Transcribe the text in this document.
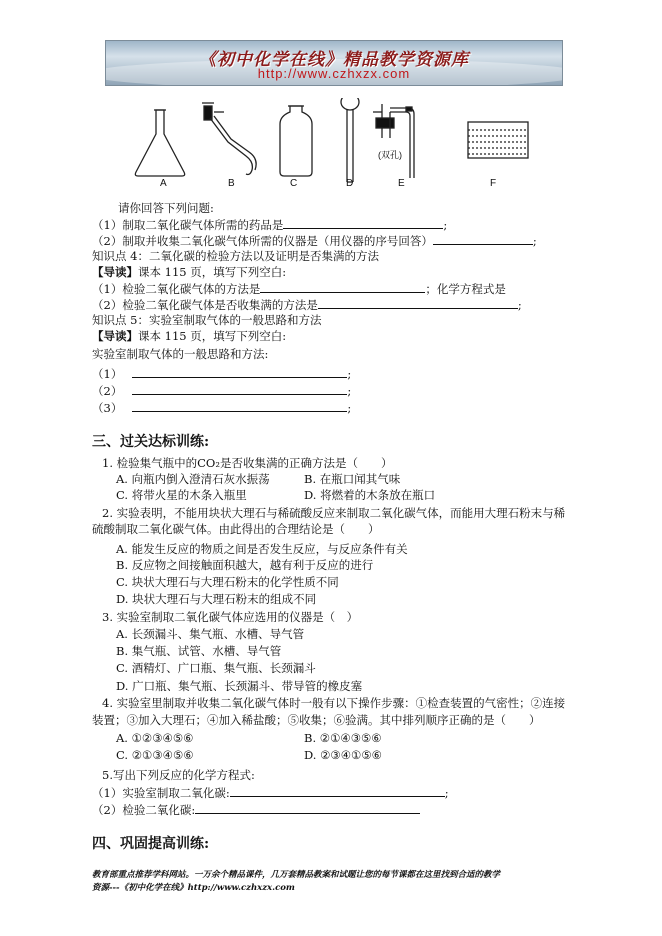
《初中化学在线》精品教学资源库
http://www.czhxzx.com
(双孔)
A	B	C	D	E	F
请你回答下列问题:
（1）制取二氧化碳气体所需的药品是	;
（2）制取并收集二氧化碳气体所需的仪器是（用仪器的序号回答）	;
知识点 4：二氧化碳的检验方法以及证明是否集满的方法
【导读】课本 115 页，填写下列空白:
（1）检验二氧化碳气体的方法是	；化学方程式是
（2）检验二氧化碳气体是否收集满的方法是	;
知识点 5：实验室制取气体的一般思路和方法
【导读】课本 115 页，填写下列空白:
实验室制取气体的一般思路和方法:
（1）	;
（2）	;
（3）	;
三、过关达标训练:
1. 检验集气瓶中的CO₂是否收集满的正确方法是（　　）
A. 向瓶内倒入澄清石灰水振荡	B. 在瓶口闻其气味
C. 将带火星的木条入瓶里	D. 将燃着的木条放在瓶口
2. 实验表明，不能用块状大理石与稀硫酸反应来制取二氧化碳气体，而能用大理石粉末与稀
硫酸制取二氧化碳气体。由此得出的合理结论是（　　）
A. 能发生反应的物质之间是否发生反应，与反应条件有关
B. 反应物之间接触面积越大，越有利于反应的进行
C. 块状大理石与大理石粉末的化学性质不同
D. 块状大理石与大理石粉末的组成不同
3. 实验室制取二氧化碳气体应选用的仪器是（　）
A. 长颈漏斗、集气瓶、水槽、导气管
B. 集气瓶、试管、水槽、导气管
C. 酒精灯、广口瓶、集气瓶、长颈漏斗
D. 广口瓶、集气瓶、长颈漏斗、带导管的橡皮塞
4. 实验室里制取并收集二氧化碳气体时一般有以下操作步骤：①检查装置的气密性；②连接
装置；③加入大理石；④加入稀盐酸；⑤收集；⑥验满。其中排列顺序正确的是（　　）
A. ①②③④⑤⑥	B. ②①④③⑤⑥
C. ②①③④⑤⑥	D. ②③④①⑤⑥
5.写出下列反应的化学方程式:
（1）实验室制取二氧化碳:	;
（2）检验二氧化碳:
四、巩固提高训练:
教育部重点推荐学科网站。一万余个精品课件，几万套精品教案和试题让您的每节课都在这里找到合适的教学
资源---《初中化学在线》http://www.czhxzx.com
